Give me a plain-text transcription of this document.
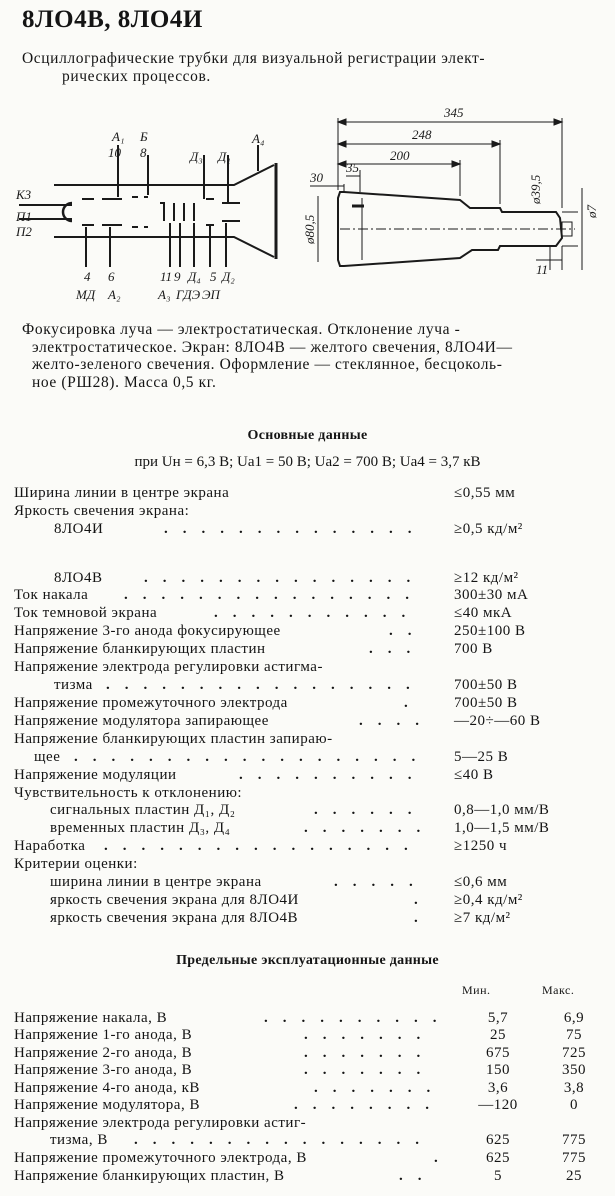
8ЛО4В, 8ЛО4И
Осциллографические трубки для визуальной регистрации элект-
рических процессов.
А₁ Б
10 8	Д₃ Д₁
А₄
К3
П1
П2
4 6	11 9 Д₄ 5 Д₂
МД А₂	А₃ ГДЭ ЭП
345
248
200
30
35
ø80,5
ø39,5
ø7
11
Фокусировка луча — электростатическая. Отклонение луча -
электростатическое. Экран: 8ЛО4В — желтого свечения, 8ЛО4И—
желто-зеленого свечения. Оформление — стеклянное, бесцоколь-
ное (РШ28). Масса 0,5 кг.
Основные данные
при Uн = 6,3 В; Ua1 = 50 В; Ua2 = 700 В; Ua4 = 3,7 кВ
Ширина линии в центре экрана	≤0,55 мм
Яркость свечения экрана:
8ЛО4И	.    .    .    .    .    .    .    .    .    .    .    .    .    .	≥0,5 кд/м²
8ЛО4В	.    .    .    .    .    .    .    .    .    .    .    .    .    .    .	≥12 кд/м²
Ток накала .    .    .    .    .    .    .    .    .    .    .    .    .    .    .    .	300±30 мА
Ток темновой экрана	.    .    .    .    .    .    .    .    .    .    .	≤40 мкА
Напряжение 3-го анода фокусирующее	.    .	250±100 В
Напряжение бланкирующих пластин	.    .    .	700 В
Напряжение электрода регулировки астигма-
тизма .    .    .    .    .    .    .    .    .    .    .    .    .    .    .    .    .	700±50 В
Напряжение промежуточного электрода	.	700±50 В
Напряжение модулятора запирающее	.    .    .    . —20÷—60 В
Напряжение бланкирующих пластин запираю-
щее .    .    .    .    .    .    .    .    .    .    .    .    .    .    .    .    .    .    .	5—25 В
Напряжение модуляции	.    .    .    .    .    .    .    .    .    .	≤40 В
Чувствительность к отклонению:
сигнальных пластин Д₁, Д₂	.    .    .    .    .    .	0,8—1,0 мм/В
временных пластин Д₃, Д₄	.    .    .    .    .    .    . 1,0—1,5 мм/В
Наработка .    .    .    .    .    .    .    .    .    .    .    .    .    .    .    .    .	≥1250 ч
Критерии оценки:
ширина линии в центре экрана	.    .    .    .    .	≤0,6 мм
яркость свечения экрана для 8ЛО4И	. ≥0,4 кд/м²
яркость свечения экрана для 8ЛО4В	. ≥7 кд/м²
Предельные эксплуатационные данные
Мин.	Макс.
Напряжение накала, В	.    .    .    .    .    .    .    .    .    .	5,7	6,9
Напряжение 1-го анода, В	.    .    .    .    .    .    .	25	75
Напряжение 2-го анода, В	.    .    .    .    .    .    .	675	725
Напряжение 3-го анода, В	.    .    .    .    .    .    .	150	350
Напряжение 4-го анода, кВ	.    .    .    .    .    .    .	3,6	3,8
Напряжение модулятора, В	.    .    .    .    .    .    .    .	—120	0
Напряжение электрода регулировки астиг-
тизма, В .    .    .    .    .    .    .    .    .    .    .    .    .    .    .    .	625	775
Напряжение промежуточного электрода, В	.	625	775
Напряжение бланкирующих пластин, В	.    .	5	25
